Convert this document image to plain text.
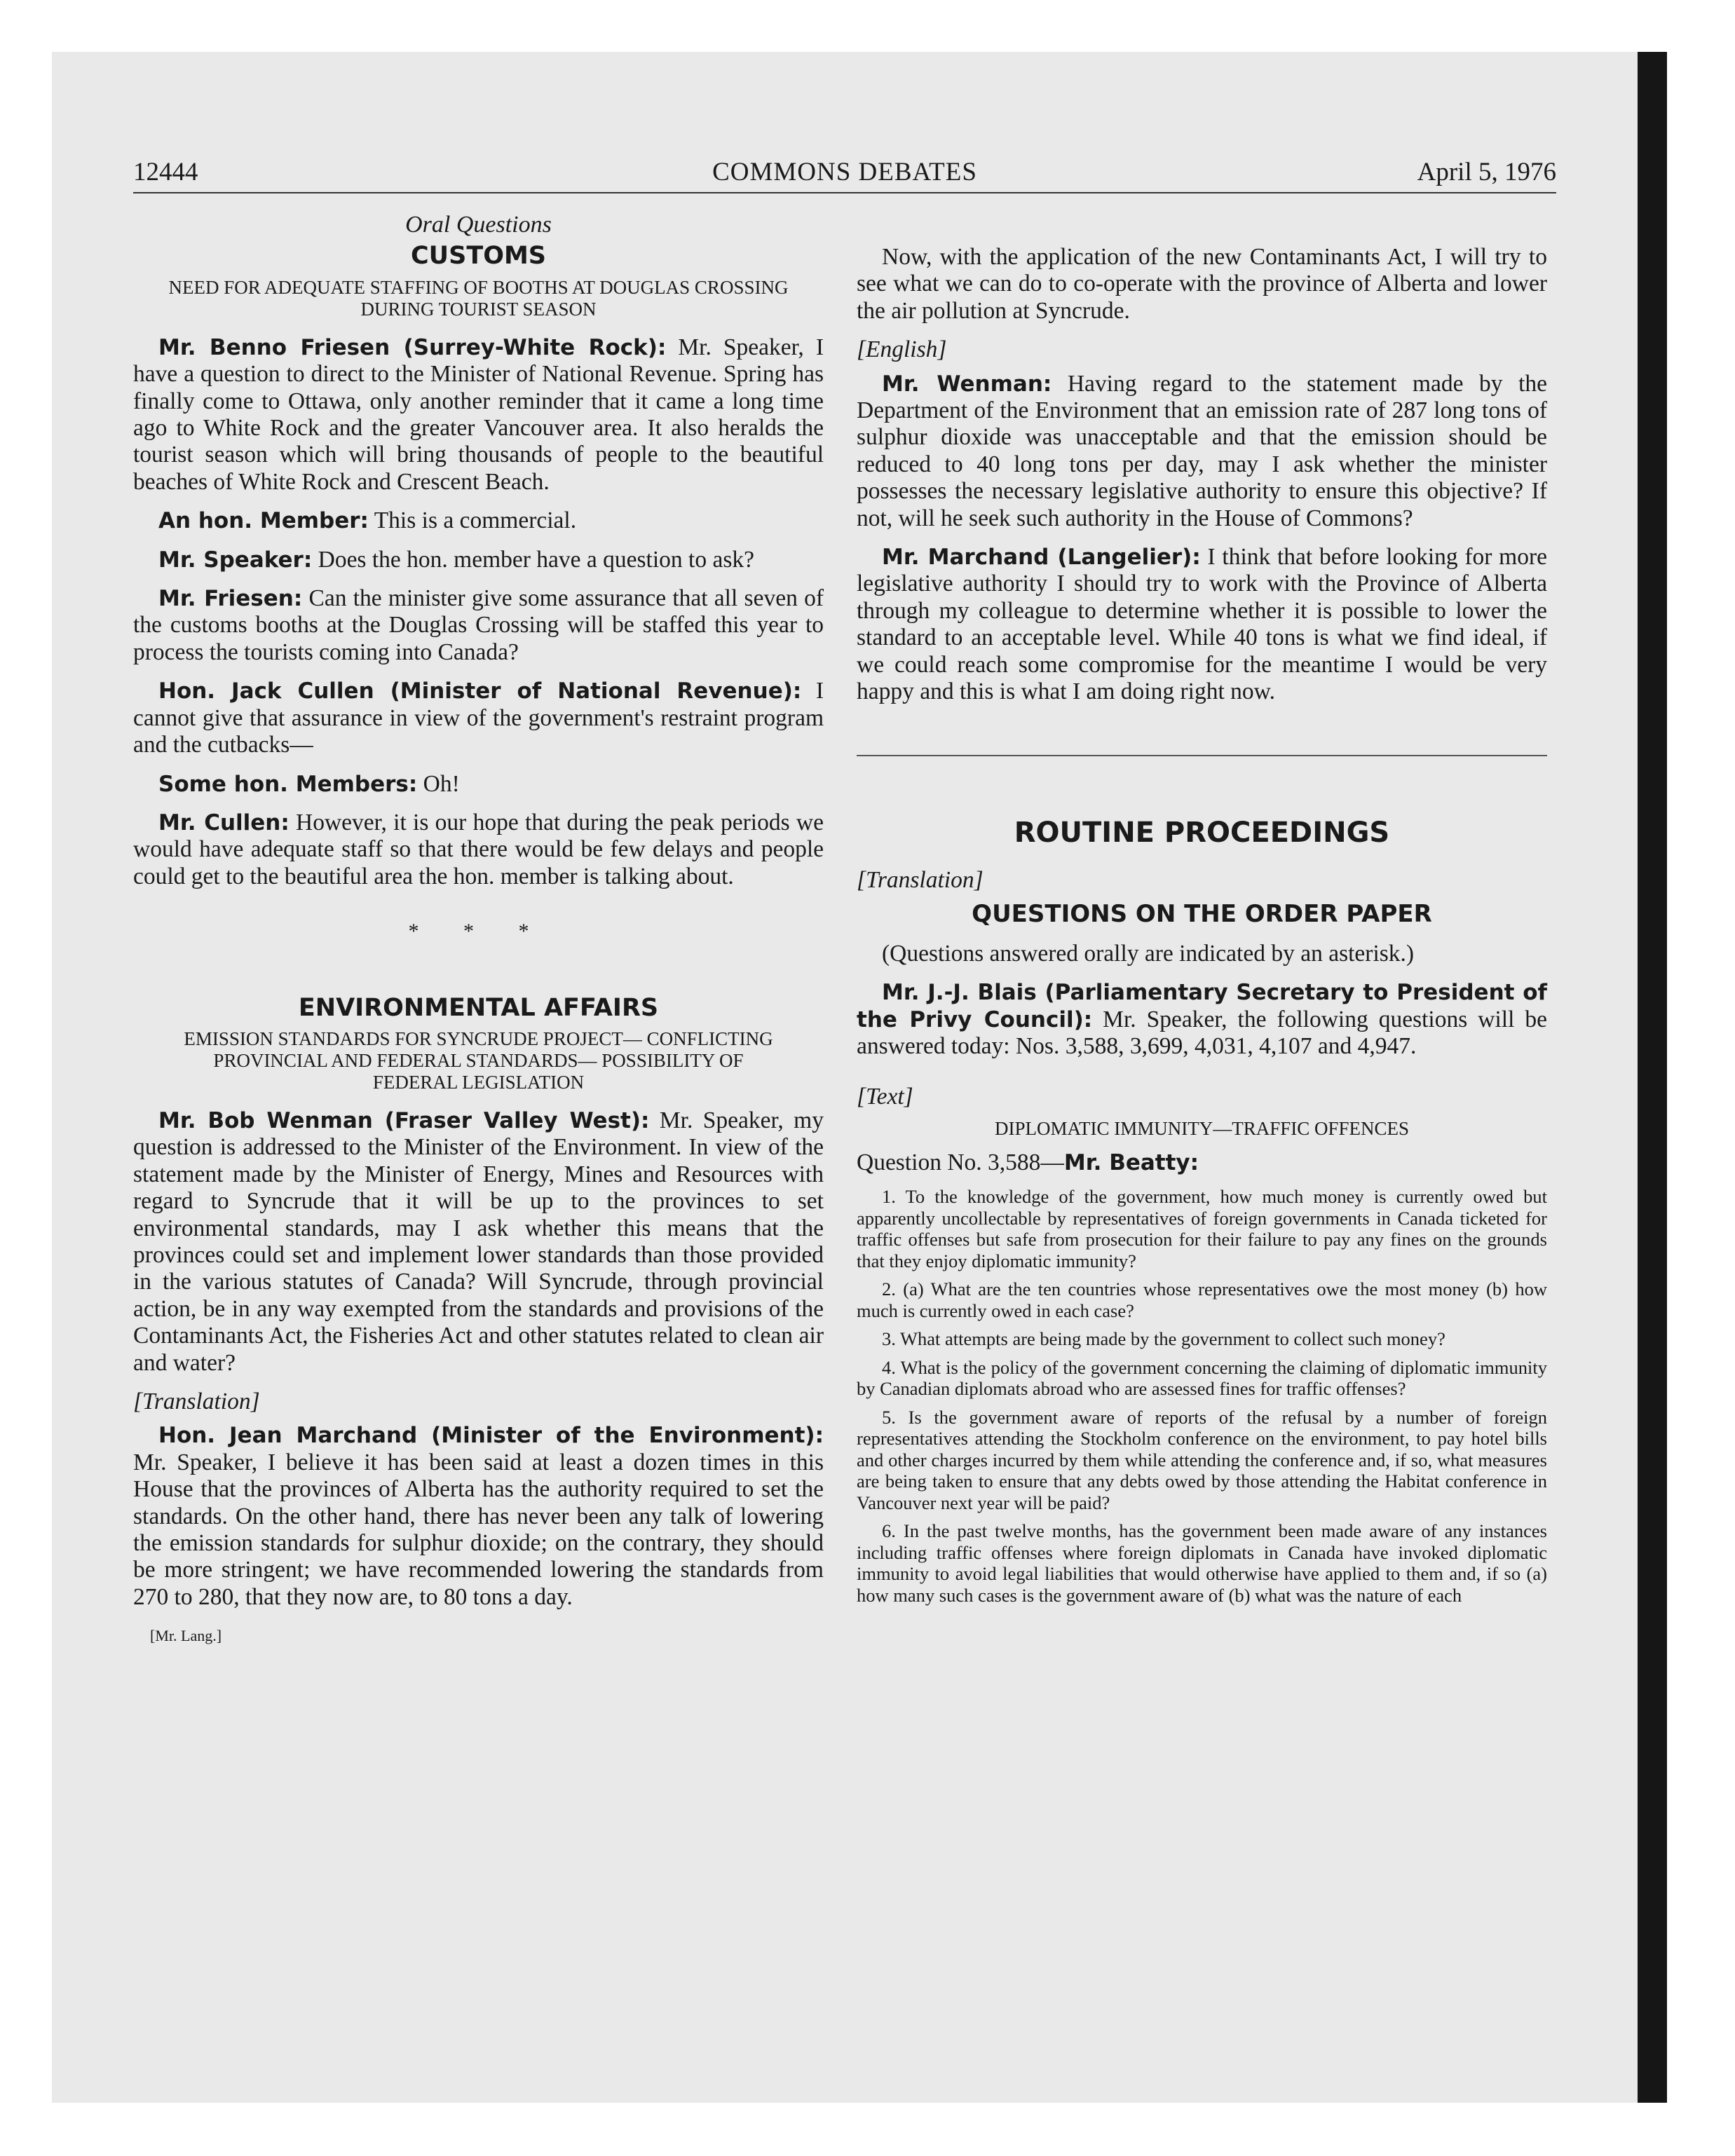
12444	COMMONS DEBATES	April 5, 1976
Oral Questions
CUSTOMS
NEED FOR ADEQUATE STAFFING OF BOOTHS AT DOUGLAS CROSSING DURING TOURIST SEASON

Mr. Benno Friesen (Surrey-White Rock): Mr. Speaker, I have a question to direct to the Minister of National Revenue. Spring has finally come to Ottawa, only another reminder that it came a long time ago to White Rock and the greater Vancouver area. It also heralds the tourist season which will bring thousands of people to the beautiful beaches of White Rock and Crescent Beach.

An hon. Member: This is a commercial.

Mr. Speaker: Does the hon. member have a question to ask?

Mr. Friesen: Can the minister give some assurance that all seven of the customs booths at the Douglas Crossing will be staffed this year to process the tourists coming into Canada?

Hon. Jack Cullen (Minister of National Revenue): I cannot give that assurance in view of the government's restraint program and the cutbacks—

Some hon. Members: Oh!

Mr. Cullen: However, it is our hope that during the peak periods we would have adequate staff so that there would be few delays and people could get to the beautiful area the hon. member is talking about.

* * *
ENVIRONMENTAL AFFAIRS
EMISSION STANDARDS FOR SYNCRUDE PROJECT— CONFLICTING PROVINCIAL AND FEDERAL STANDARDS— POSSIBILITY OF FEDERAL LEGISLATION

Mr. Bob Wenman (Fraser Valley West): Mr. Speaker, my question is addressed to the Minister of the Environment. In view of the statement made by the Minister of Energy, Mines and Resources with regard to Syncrude that it will be up to the provinces to set environmental standards, may I ask whether this means that the provinces could set and implement lower standards than those provided in the various statutes of Canada? Will Syncrude, through provincial action, be in any way exempted from the standards and provisions of the Contaminants Act, the Fisheries Act and other statutes related to clean air and water?

[Translation]

Hon. Jean Marchand (Minister of the Environment): Mr. Speaker, I believe it has been said at least a dozen times in this House that the provinces of Alberta has the authority required to set the standards. On the other hand, there has never been any talk of lowering the emission standards for sulphur dioxide; on the contrary, they should be more stringent; we have recommended lowering the standards from 270 to 280, that they now are, to 80 tons a day.

[Mr. Lang.]

Now, with the application of the new Contaminants Act, I will try to see what we can do to co-operate with the province of Alberta and lower the air pollution at Syncrude.

[English]

Mr. Wenman: Having regard to the statement made by the Department of the Environment that an emission rate of 287 long tons of sulphur dioxide was unacceptable and that the emission should be reduced to 40 long tons per day, may I ask whether the minister possesses the necessary legislative authority to ensure this objective? If not, will he seek such authority in the House of Commons?

Mr. Marchand (Langelier): I think that before looking for more legislative authority I should try to work with the Province of Alberta through my colleague to determine whether it is possible to lower the standard to an acceptable level. While 40 tons is what we find ideal, if we could reach some compromise for the meantime I would be very happy and this is what I am doing right now.

ROUTINE PROCEEDINGS

[Translation]

QUESTIONS ON THE ORDER PAPER

(Questions answered orally are indicated by an asterisk.)

Mr. J.-J. Blais (Parliamentary Secretary to President of the Privy Council): Mr. Speaker, the following questions will be answered today: Nos. 3,588, 3,699, 4,031, 4,107 and 4,947.

[Text]

DIPLOMATIC IMMUNITY—TRAFFIC OFFENCES

Question No. 3,588—Mr. Beatty:

1. To the knowledge of the government, how much money is currently owed but apparently uncollectable by representatives of foreign governments in Canada ticketed for traffic offenses but safe from prosecution for their failure to pay any fines on the grounds that they enjoy diplomatic immunity?
2. (a) What are the ten countries whose representatives owe the most money (b) how much is currently owed in each case?
3. What attempts are being made by the government to collect such money?
4. What is the policy of the government concerning the claiming of diplomatic immunity by Canadian diplomats abroad who are assessed fines for traffic offenses?
5. Is the government aware of reports of the refusal by a number of foreign representatives attending the Stockholm conference on the environment, to pay hotel bills and other charges incurred by them while attending the conference and, if so, what measures are being taken to ensure that any debts owed by those attending the Habitat conference in Vancouver next year will be paid?
6. In the past twelve months, has the government been made aware of any instances including traffic offenses where foreign diplomats in Canada have invoked diplomatic immunity to avoid legal liabilities that would otherwise have applied to them and, if so (a) how many such cases is the government aware of (b) what was the nature of each
